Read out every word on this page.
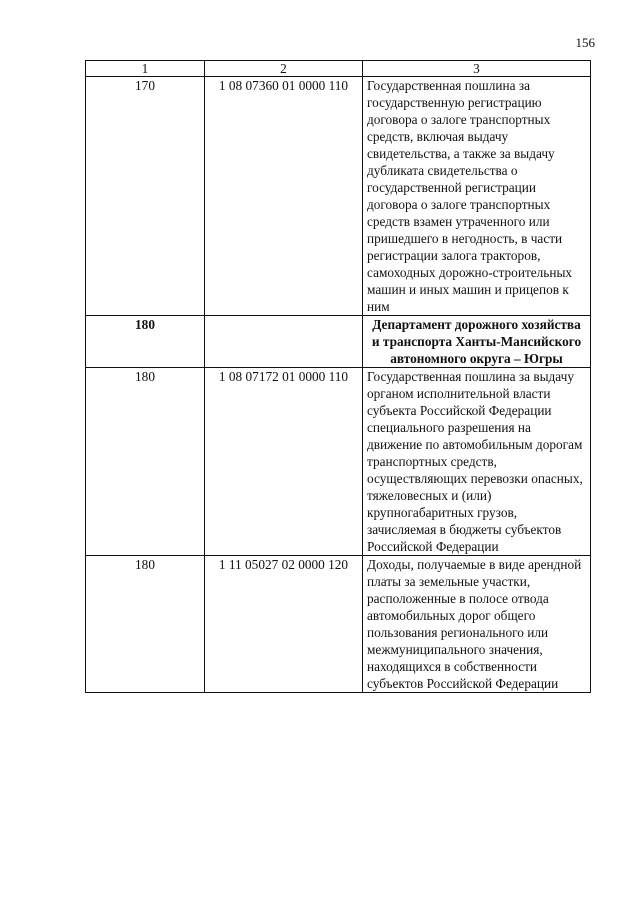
156
1	2	3
170	1 08 07360 01 0000 110	Государственная пошлина за государственную регистрацию договора о залоге транспортных средств, включая выдачу свидетельства, а также за выдачу дубликата свидетельства о государственной регистрации договора о залоге транспортных средств взамен утраченного или пришедшего в негодность, в части регистрации залога тракторов, самоходных дорожно-строительных машин и иных машин и прицепов к ним
180		Департамент дорожного хозяйства и транспорта Ханты-Мансийского автономного округа – Югры
180	1 08 07172 01 0000 110	Государственная пошлина за выдачу органом исполнительной власти субъекта Российской Федерации специального разрешения на движение по автомобильным дорогам транспортных средств, осуществляющих перевозки опасных, тяжеловесных и (или) крупногабаритных грузов, зачисляемая в бюджеты субъектов Российской Федерации
180	1 11 05027 02 0000 120	Доходы, получаемые в виде арендной платы за земельные участки, расположенные в полосе отвода автомобильных дорог общего пользования регионального или межмуниципального значения, находящихся в собственности субъектов Российской Федерации
